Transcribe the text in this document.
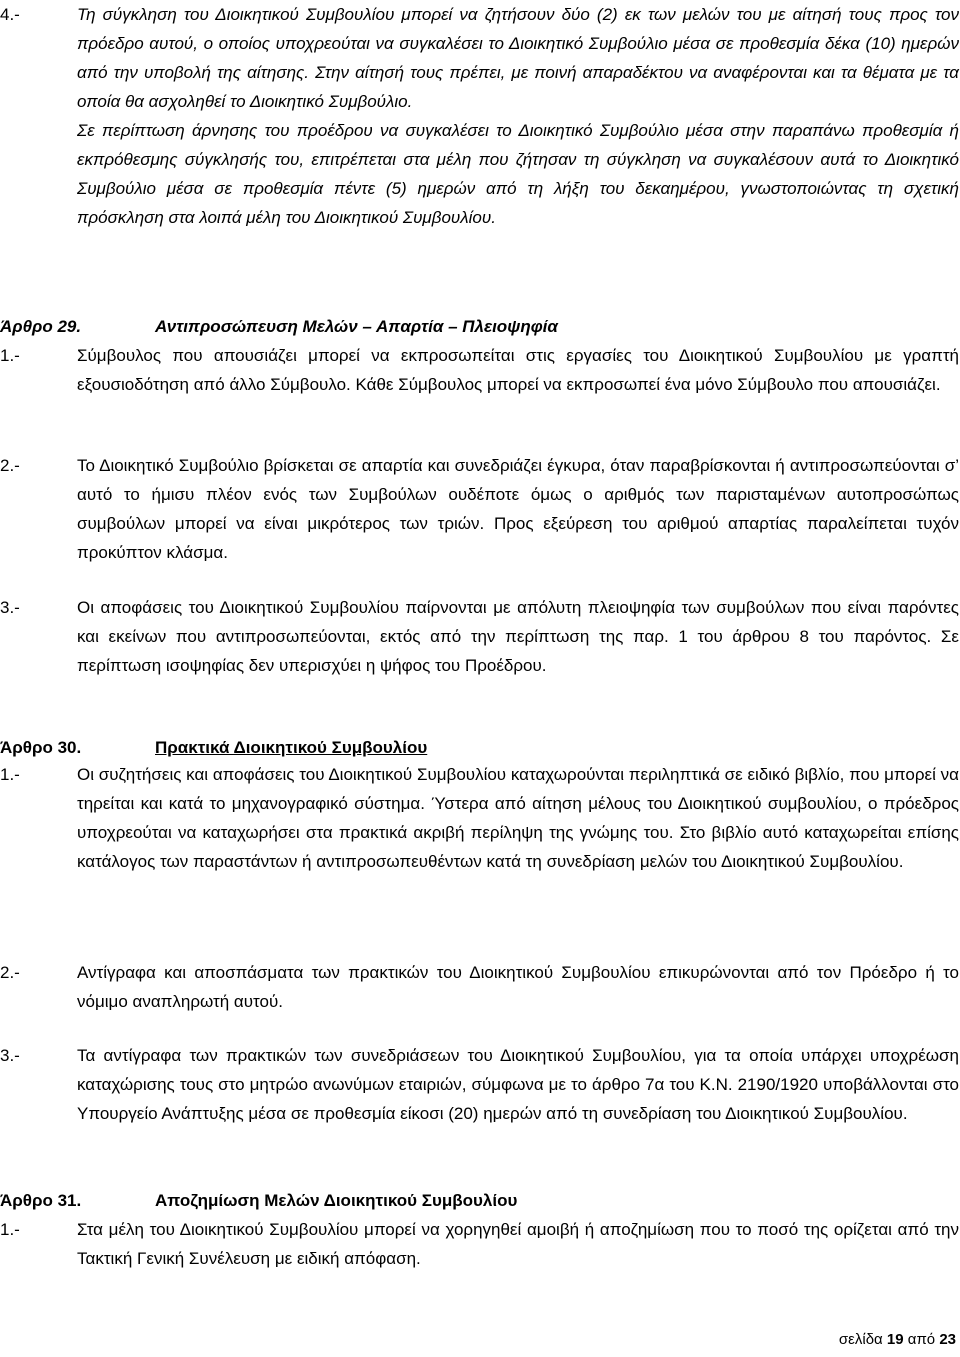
4.-	Τη σύγκληση του Διοικητικού Συμβουλίου μπορεί να ζητήσουν δύο (2) εκ των μελών του με αίτησή τους προς τον πρόεδρο αυτού, ο οποίος υποχρεούται να συγκαλέσει το Διοικητικό Συμβούλιο μέσα σε προθεσμία δέκα (10) ημερών από την υποβολή της αίτησης. Στην αίτησή τους πρέπει, με ποινή απαραδέκτου να αναφέρονται και τα θέματα με τα οποία θα ασχοληθεί το Διοικητικό Συμβούλιο.

Σε περίπτωση άρνησης του προέδρου να συγκαλέσει το Διοικητικό Συμβούλιο μέσα στην παραπάνω προθεσμία ή εκπρόθεσμης σύγκλησής του, επιτρέπεται στα μέλη που ζήτησαν τη σύγκληση να συγκαλέσουν αυτά το Διοικητικό Συμβούλιο μέσα σε προθεσμία πέντε (5) ημερών από τη λήξη του δεκαημέρου, γνωστοποιώντας τη σχετική πρόσκληση στα λοιπά μέλη του Διοικητικού Συμβουλίου.

Άρθρο 29.	Αντιπροσώπευση Μελών – Απαρτία – Πλειοψηφία
1.-	Σύμβουλος που απουσιάζει μπορεί να εκπροσωπείται στις εργασίες του Διοικητικού Συμβουλίου με γραπτή εξουσιοδότηση από άλλο Σύμβουλο. Κάθε Σύμβουλος μπορεί να εκπροσωπεί ένα μόνο Σύμβουλο που απουσιάζει.

2.-	Το Διοικητικό Συμβούλιο βρίσκεται σε απαρτία και συνεδριάζει έγκυρα, όταν παραβρίσκονται ή αντιπροσωπεύονται σ’ αυτό το ήμισυ πλέον ενός των Συμβούλων ουδέποτε όμως ο αριθμός των παρισταμένων αυτοπροσώπως συμβούλων μπορεί να είναι μικρότερος των τριών. Προς εξεύρεση του αριθμού απαρτίας παραλείπεται τυχόν προκύπτον κλάσμα.

3.-	Οι αποφάσεις του Διοικητικού Συμβουλίου παίρνονται με απόλυτη πλειοψηφία των συμβούλων που είναι παρόντες και εκείνων που αντιπροσωπεύονται, εκτός από την περίπτωση της παρ. 1 του άρθρου 8 του παρόντος. Σε περίπτωση ισοψηφίας δεν υπερισχύει η ψήφος του Προέδρου.

Άρθρο 30.	Πρακτικά Διοικητικού Συμβουλίου
1.-	Οι συζητήσεις και αποφάσεις του Διοικητικού Συμβουλίου καταχωρούνται περιληπτικά σε ειδικό βιβλίο, που μπορεί να τηρείται και κατά το μηχανογραφικό σύστημα. Ύστερα από αίτηση μέλους του Διοικητικού συμβουλίου, ο πρόεδρος υποχρεούται να καταχωρήσει στα πρακτικά ακριβή περίληψη της γνώμης του. Στο βιβλίο αυτό καταχωρείται επίσης κατάλογος των παραστάντων ή αντιπροσωπευθέντων κατά τη συνεδρίαση μελών του Διοικητικού Συμβουλίου.

2.-	Αντίγραφα και αποσπάσματα των πρακτικών του Διοικητικού Συμβουλίου επικυρώνονται από τον Πρόεδρο ή το νόμιμο αναπληρωτή αυτού.

3.-	Τα αντίγραφα των πρακτικών των συνεδριάσεων του Διοικητικού Συμβουλίου, για τα οποία υπάρχει υποχρέωση καταχώρισης τους στο μητρώο ανωνύμων εταιριών, σύμφωνα με το άρθρο 7α του Κ.Ν. 2190/1920 υποβάλλονται στο Υπουργείο Ανάπτυξης μέσα σε προθεσμία είκοσι (20) ημερών από τη συνεδρίαση του Διοικητικού Συμβουλίου.

Άρθρο 31.	Αποζημίωση Μελών Διοικητικού Συμβουλίου
1.-	Στα μέλη του Διοικητικού Συμβουλίου μπορεί να χορηγηθεί αμοιβή ή αποζημίωση που το ποσό της ορίζεται από την Τακτική Γενική Συνέλευση με ειδική απόφαση.

σελίδα 19 από 23
